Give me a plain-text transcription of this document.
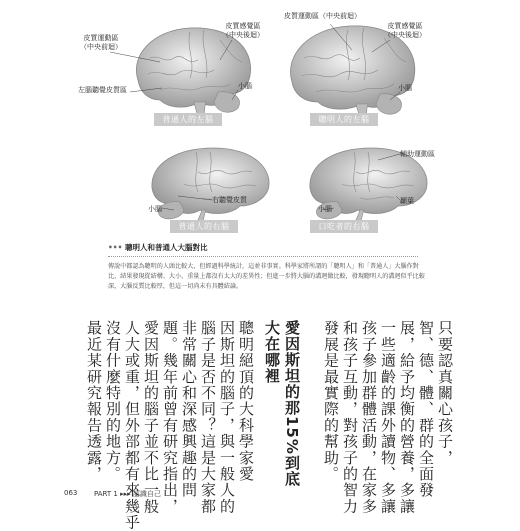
普通人的左腦	聰明人的左腦
普通人的右腦	口吃者的右腦
皮質運動區
（中央前迴）
皮質感覺區
（中央後迴）
左腦聽覺皮質區	小腦
皮質運動區（中央前迴）
皮質感覺區
（中央後迴）
小腦
右聽覺皮質
小腦
輔助運動區
顳葉
小腦
••• 聰明人和普通人大腦對比
傳說中都認為聰明的人頭比較大，但經過科學統計，這並非事實。科學家將所謂的「聰明人」和「普通人」大腦作對比，結果發現從結構、大小、重量上都沒有太大的差異性；但進一步將大腦的溝迴做比較，發現聰明人的溝迴似乎比較深，大腦反質比較厚，但這一切尚未有具體結論。
只要認真關心孩子，
智、德、體、群的全面發
展，給予均衡的營養，多讓
一些適齡的課外讀物、多讓
孩子參加群體活動，在家多
和孩子互動，對孩子的智力
發展是最實際的幫助。
愛因斯坦的那15%到底
大在哪裡
聰明絕頂的大科學家愛
因斯坦的腦子，與一般人的
腦子是否不同？這是大家都
非常關心和深感興趣的問
題。幾年前曾有研究指出，
愛因斯坦的腦子並不比一般
人大或重，但外部都有來幾乎
沒有什麼特別的地方。
最近某研究報告透露，
063 PART 1 ▸▸▸ 認識自己
